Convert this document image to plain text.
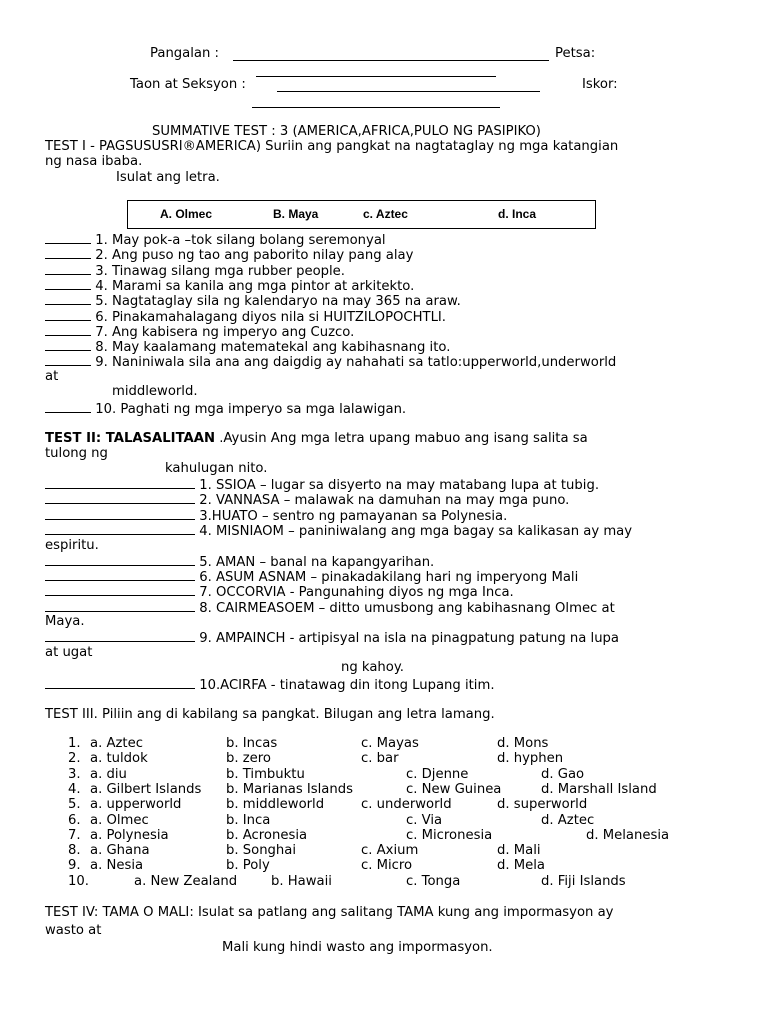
Pangalan :	Petsa:
Taon at Seksyon :	Iskor:
SUMMATIVE TEST : 3 (AMERICA,AFRICA,PULO NG PASIPIKO)
TEST I - PAGSUSUSRI®AMERICA) Suriin ang pangkat na nagtataglay ng mga katangian
ng nasa ibaba.
Isulat ang letra.
A. Olmec	B. Maya	c. Aztec	d. Inca
1. May pok-a –tok silang bolang seremonyal
2. Ang puso ng tao ang paborito nilay pang alay
3. Tinawag silang mga rubber people.
4. Marami sa kanila ang mga pintor at arkitekto.
5. Nagtataglay sila ng kalendaryo na may 365 na araw.
6. Pinakamahalagang diyos nila si HUITZILOPOCHTLI.
7. Ang kabisera ng imperyo ang Cuzco.
8. May kaalamang matematekal ang kabihasnang ito.
9. Naniniwala sila ana ang daigdig ay nahahati sa tatlo:upperworld,underworld
at
middleworld.
10. Paghati ng mga imperyo sa mga lalawigan.
TEST II: TALASALITAAN .Ayusin Ang mga letra upang mabuo ang isang salita sa
tulong ng
kahulugan nito.
1. SSIOA – lugar sa disyerto na may matabang lupa at tubig.
2. VANNASA – malawak na damuhan na may mga puno.
3.HUATO – sentro ng pamayanan sa Polynesia.
4. MISNIAOM – paniniwalang ang mga bagay sa kalikasan ay may
espiritu.
5. AMAN – banal na kapangyarihan.
6. ASUM ASNAM – pinakadakilang hari ng imperyong Mali
7. OCCORVIA - Pangunahing diyos ng mga Inca.
8. CAIRMEASOEM – ditto umusbong ang kabihasnang Olmec at
Maya.
9. AMPAINCH - artipisyal na isla na pinagpatung patung na lupa
at ugat
ng kahoy.
10.ACIRFA - tinatawag din itong Lupang itim.
TEST III. Piliin ang di kabilang sa pangkat. Bilugan ang letra lamang.
1. a. Aztec	b. Incas	c. Mayas	d. Mons
2. a. tuldok	b. zero	c. bar	d. hyphen
3. a. diu	b. Timbuktu	c. Djenne	d. Gao
4. a. Gilbert Islands b. Marianas Islands	c. New Guinea	d. Marshall Island
5. a. upperworld	b. middleworld	c. underworld	d. superworld
6. a. Olmec	b. Inca	c. Via	d. Aztec
7. a. Polynesia	b. Acronesia	c. Micronesia	d. Melanesia
8. a. Ghana	b. Songhai	c. Axium	d. Mali
9. a. Nesia	b. Poly	c. Micro	d. Mela
10.	a. New Zealand	b. Hawaii	c. Tonga	d. Fiji Islands
TEST IV: TAMA O MALI: Isulat sa patlang ang salitang TAMA kung ang impormasyon ay
wasto at
Mali kung hindi wasto ang impormasyon.
